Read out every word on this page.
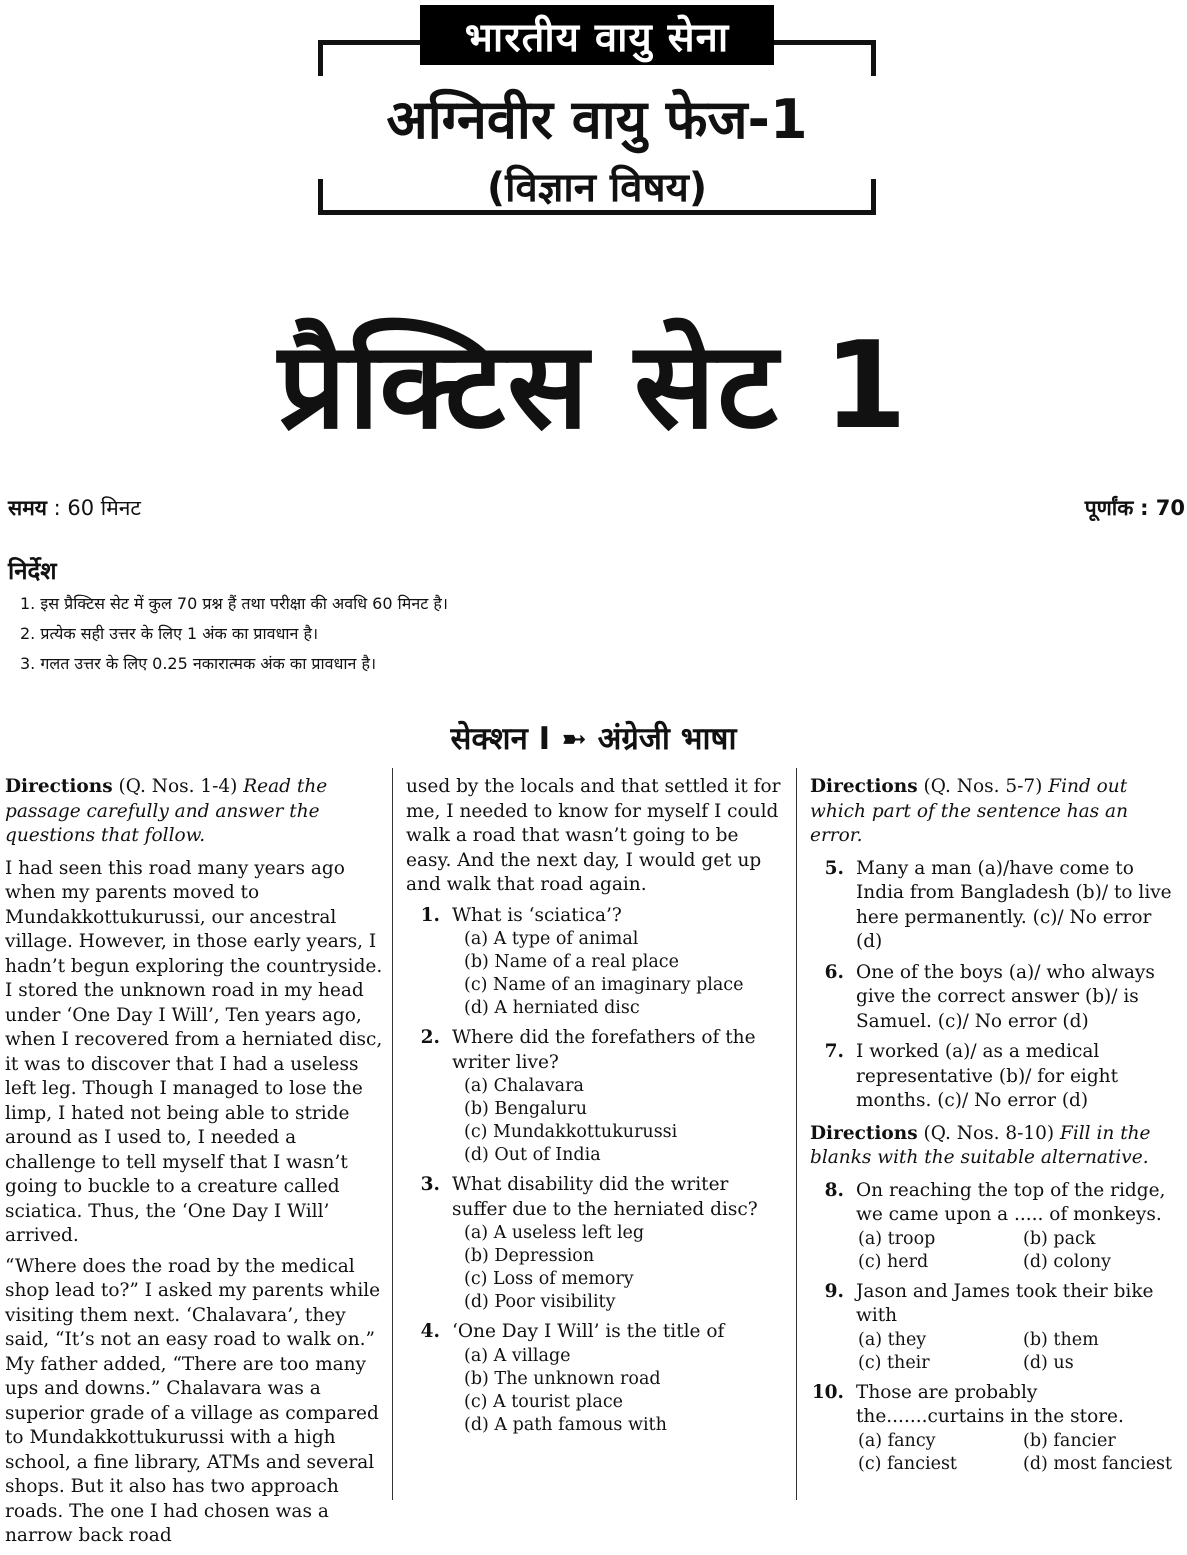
भारतीय वायु सेना
अग्निवीर वायु फेज-1
(विज्ञान विषय)
प्रैक्टिस सेट 1
समय : 60 मिनट	पूर्णांक : 70
निर्देश
1. इस प्रैक्टिस सेट में कुल 70 प्रश्न हैं तथा परीक्षा की अवधि 60 मिनट है।
2. प्रत्येक सही उत्तर के लिए 1 अंक का प्रावधान है।
3. गलत उत्तर के लिए 0.25 नकारात्मक अंक का प्रावधान है।
सेक्शन I ➼ अंग्रेजी भाषा
Directions (Q. Nos. 1-4) Read the passage carefully and answer the questions that follow.

I had seen this road many years ago when my parents moved to Mundakkottukurussi, our ancestral village. However, in those early years, I hadn’t begun exploring the countryside. I stored the unknown road in my head under ‘One Day I Will’, Ten years ago, when I recovered from a herniated disc, it was to discover that I had a useless left leg. Though I managed to lose the limp, I hated not being able to stride around as I used to, I needed a challenge to tell myself that I wasn’t going to buckle to a creature called sciatica. Thus, the ‘One Day I Will’ arrived.

“Where does the road by the medical shop lead to?” I asked my parents while visiting them next. ‘Chalavara’, they said, “It’s not an easy road to walk on.” My father added, “There are too many ups and downs.” Chalavara was a superior grade of a village as compared to Mundakkottukurussi with a high school, a fine library, ATMs and several shops. But it also has two approach roads. The one I had chosen was a narrow back road

used by the locals and that settled it for me, I needed to know for myself I could walk a road that wasn’t going to be easy. And the next day, I would get up and walk that road again.

1. What is ‘sciatica’?
(a) A type of animal
(b) Name of a real place
(c) Name of an imaginary place
(d) A herniated disc
2. Where did the forefathers of the writer live?
(a) Chalavara
(b) Bengaluru
(c) Mundakkottukurussi
(d) Out of India
3. What disability did the writer suffer due to the herniated disc?
(a) A useless left leg
(b) Depression
(c) Loss of memory
(d) Poor visibility
4. ‘One Day I Will’ is the title of
(a) A village
(b) The unknown road
(c) A tourist place
(d) A path famous with
Directions (Q. Nos. 5-7) Find out which part of the sentence has an error.
5. Many a man (a)/have come to India from Bangladesh (b)/ to live here permanently. (c)/ No error (d)
6. One of the boys (a)/ who always give the correct answer (b)/ is Samuel. (c)/ No error (d)
7. I worked (a)/ as a medical representative (b)/ for eight months. (c)/ No error (d)
Directions (Q. Nos. 8-10) Fill in the blanks with the suitable alternative.
8. On reaching the top of the ridge, we came upon a ..... of monkeys.
(a) troop	(b) pack
(c) herd	(d) colony
9. Jason and James took their bike with
(a) they	(b) them
(c) their	(d) us
10. Those are probably the.......curtains in the store.
(a) fancy	(b) fancier
(c) fanciest	(d) most fanciest
